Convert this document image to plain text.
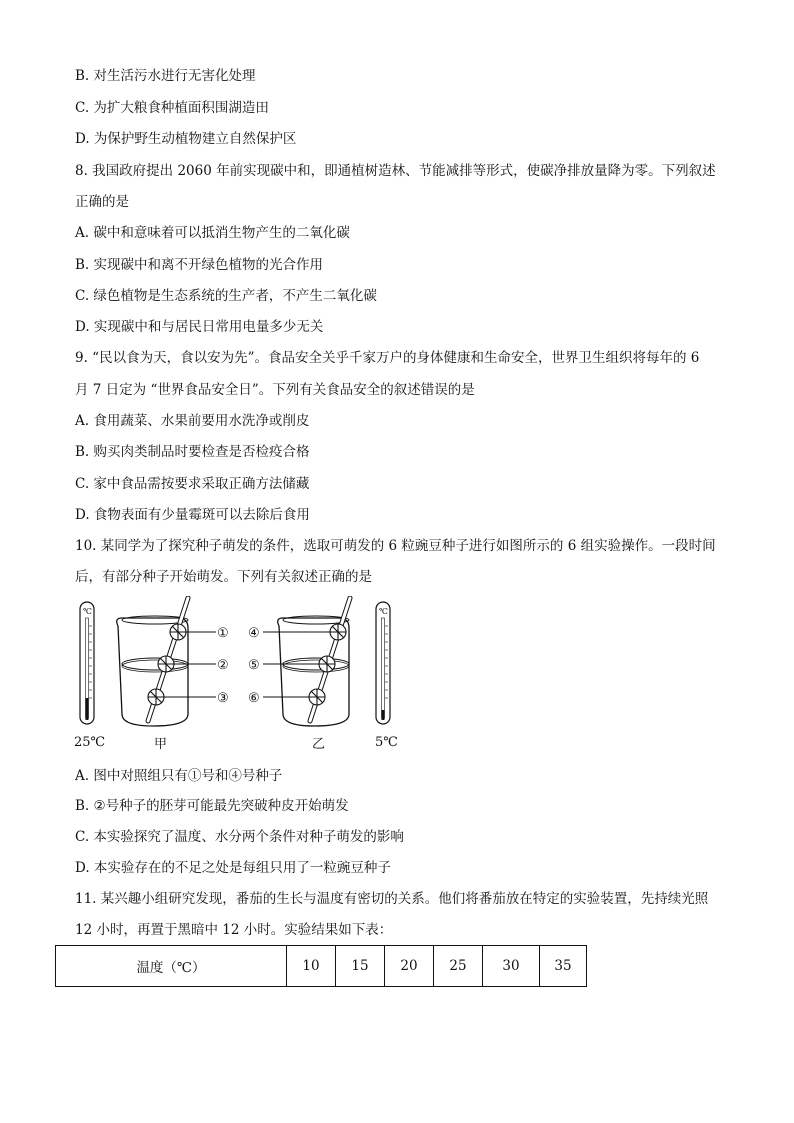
B. 对生活污水进行无害化处理
C. 为扩大粮食种植面积围湖造田
D. 为保护野生动植物建立自然保护区
8. 我国政府提出 2060 年前实现碳中和，即通植树造林、节能减排等形式，使碳净排放量降为零。下列叙述
正确的是
A. 碳中和意味着可以抵消生物产生的二氧化碳
B. 实现碳中和离不开绿色植物的光合作用
C. 绿色植物是生态系统的生产者，不产生二氧化碳
D. 实现碳中和与居民日常用电量多少无关
9. “民以食为天，食以安为先”。食品安全关乎千家万户的身体健康和生命安全，世界卫生组织将每年的 6
月 7 日定为 “世界食品安全日”。下列有关食品安全的叙述错误的是
A. 食用蔬菜、水果前要用水洗净或削皮
B. 购买肉类制品时要检查是否检疫合格
C. 家中食品需按要求采取正确方法储藏
D. 食物表面有少量霉斑可以去除后食用
10. 某同学为了探究种子萌发的条件，选取可萌发的 6 粒豌豆种子进行如图所示的 6 组实验操作。一段时间
后，有部分种子开始萌发。下列有关叙述正确的是
A. 图中对照组只有①号和④号种子
B. ②号种子的胚芽可能最先突破种皮开始萌发
C. 本实验探究了温度、水分两个条件对种子萌发的影响
D. 本实验存在的不足之处是每组只用了一粒豌豆种子
11. 某兴趣小组研究发现，番茄的生长与温度有密切的关系。他们将番茄放在特定的实验装置，先持续光照
12 小时，再置于黑暗中 12 小时。实验结果如下表：
℃
①
②
③
④
⑤
⑥
℃
25℃	甲	乙	5℃
温度（℃）	10	15	20	25	30	35
